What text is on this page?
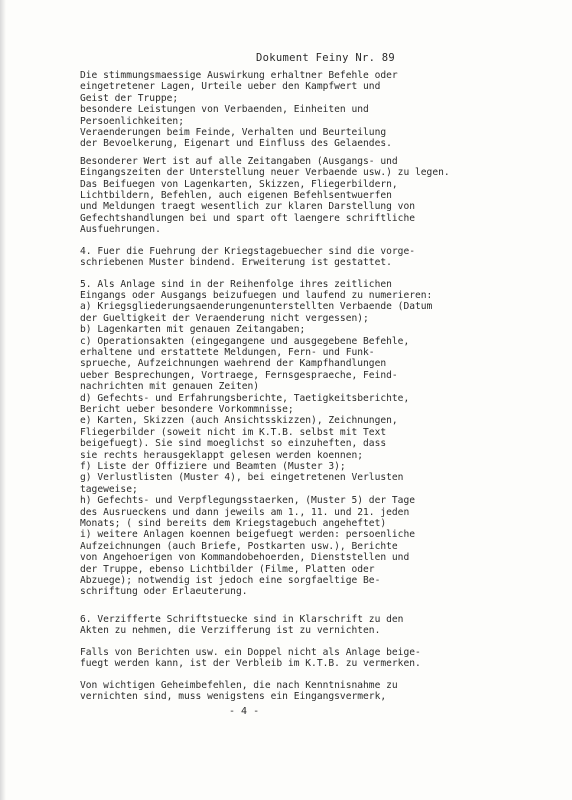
Dokument Feiny Nr. 89
Die stimmungsmaessige Auswirkung erhaltner Befehle oder
eingetretener Lagen, Urteile ueber den Kampfwert und
Geist der Truppe;
besondere Leistungen von Verbaenden, Einheiten und
Persoenlichkeiten;
Veraenderungen beim Feinde, Verhalten und Beurteilung
der Bevoelkerung, Eigenart und Einfluss des Gelaendes.
Besonderer Wert ist auf alle Zeitangaben (Ausgangs- und
Eingangszeiten der Unterstellung neuer Verbaende usw.) zu legen.
Das Beifuegen von Lagenkarten, Skizzen, Fliegerbildern,
Lichtbildern, Befehlen, auch eigenen Befehlsentwuerfen
und Meldungen traegt wesentlich zur klaren Darstellung von
Gefechtshandlungen bei und spart oft laengere schriftliche
Ausfuehrungen.
4. Fuer die Fuehrung der Kriegstagebuecher sind die vorge-
schriebenen Muster bindend. Erweiterung ist gestattet.
5. Als Anlage sind in der Reihenfolge ihres zeitlichen
Eingangs oder Ausgangs beizufuegen und laufend zu numerieren:
a) Kriegsgliederungsaenderungenunterstellten Verbaende (Datum
der Gueltigkeit der Veraenderung nicht vergessen);
b) Lagenkarten mit genauen Zeitangaben;
c) Operationsakten (eingegangene und ausgegebene Befehle,
erhaltene und erstattete Meldungen, Fern- und Funk-
sprueche, Aufzeichnungen waehrend der Kampfhandlungen
ueber Besprechungen, Vortraege, Fernsgespraeche, Feind-
nachrichten mit genauen Zeiten)
d) Gefechts- und Erfahrungsberichte, Taetigkeitsberichte,
Bericht ueber besondere Vorkommnisse;
e) Karten, Skizzen (auch Ansichtsskizzen), Zeichnungen,
Fliegerbilder (soweit nicht im K.T.B. selbst mit Text
beigefuegt). Sie sind moeglichst so einzuheften, dass
sie rechts herausgeklappt gelesen werden koennen;
f) Liste der Offiziere und Beamten (Muster 3);
g) Verlustlisten (Muster 4), bei eingetretenen Verlusten
tageweise;
h) Gefechts- und Verpflegungsstaerken, (Muster 5) der Tage
des Ausrueckens und dann jeweils am 1., 11. und 21. jeden
Monats; ( sind bereits dem Kriegstagebuch angeheftet)
i) weitere Anlagen koennen beigefuegt werden: persoenliche
Aufzeichnungen (auch Briefe, Postkarten usw.), Berichte
von Angehoerigen von Kommandobehoerden, Dienststellen und
der Truppe, ebenso Lichtbilder (Filme, Platten oder
Abzuege); notwendig ist jedoch eine sorgfaeltige Be-
schriftung oder Erlaeuterung.
6. Verzifferte Schriftstuecke sind in Klarschrift zu den
Akten zu nehmen, die Verzifferung ist zu vernichten.
Falls von Berichten usw. ein Doppel nicht als Anlage beige-
fuegt werden kann, ist der Verbleib im K.T.B. zu vermerken.
Von wichtigen Geheimbefehlen, die nach Kenntnisnahme zu
vernichten sind, muss wenigstens ein Eingangsvermerk,
- 4 -
